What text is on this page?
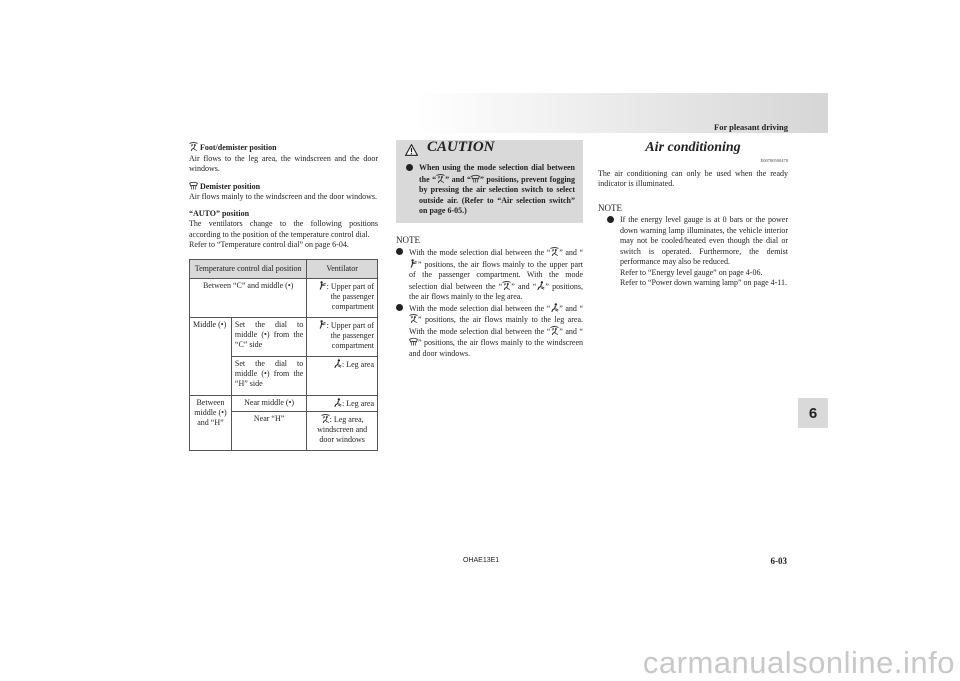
For pleasant driving
6

Foot/demister position

Air flows to the leg area, the windscreen and the door windows.

Demister position

Air flows mainly to the windscreen and the door windows.

“AUTO” position

The ventilators change to the following positions according to the position of the temperature control dial.

Refer to “Temperature control dial” on page 6-04.

Temperature control dial position		Ventilator
Between “C” and middle (•)		: Upper part of the passenger compartment
Middle (•)	Set the dial to middle (•) from the “C” side	: Upper part of the passenger compartment
	Set the dial to middle (•) from the “H” side	: Leg area
Between middle (•) and “H”	Near middle (•)	: Leg area
	Near “H”	: Leg area, windscreen and door windows
CAUTION
When using the mode selection dial between the “ ” and “ ” positions, prevent fogging by pressing the air selection switch to select outside air. (Refer to “Air selection switch” on page 6-05.)

NOTE

With the mode selection dial between the “ ” and “” positions, the air flows mainly to the upper part of the passenger compartment. With the mode selection dial between the “ ” and “ ” positions, the air flows mainly to the leg area.
With the mode selection dial between the “ ” and “” positions, the air flows mainly to the leg area. With the mode selection dial between the “ ” and “” positions, the air flows mainly to the windscreen and door windows.

Air conditioning

E00700500478

The air conditioning can only be used when the ready indicator is illuminated.

NOTE

If the energy level gauge is at 0 bars or the power down warning lamp illuminates, the vehicle interior may not be cooled/heated even though the dial or switch is operated. Furthermore, the demist performance may also be reduced.
Refer to “Energy level gauge” on page 4-06.
Refer to “Power down warning lamp” on page 4-11.
OHAE13E1	6-03
carmanualsonline.info
